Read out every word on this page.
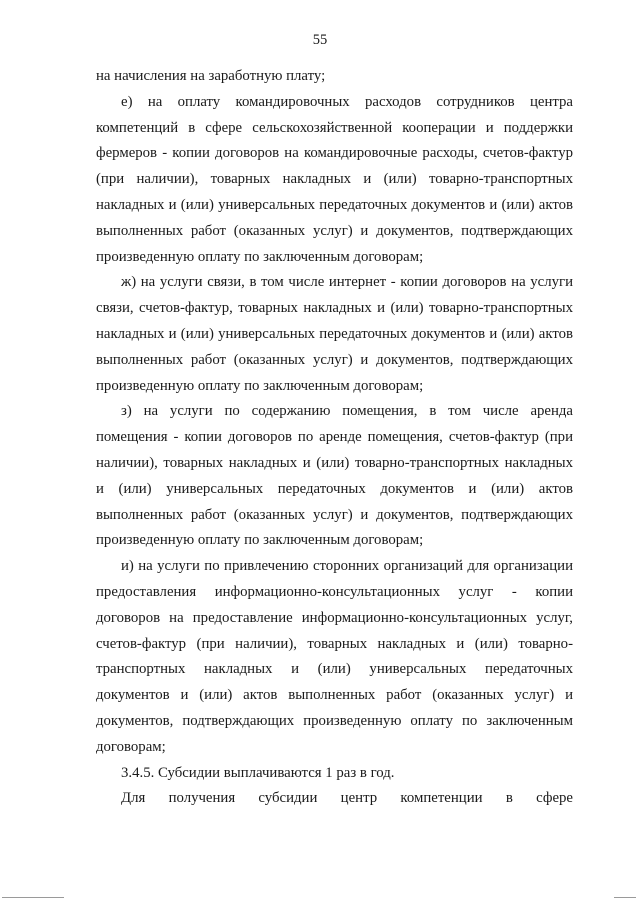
55

на начисления на заработную плату;

е) на оплату командировочных расходов сотрудников центра компетенций в сфере сельскохозяйственной кооперации и поддержки фермеров - копии договоров на командировочные расходы, счетов-фактур (при наличии), товарных накладных и (или) товарно-транспортных накладных и (или) универсальных передаточных документов и (или) актов выполненных работ (оказанных услуг) и документов, подтверждающих произведенную оплату по заключенным договорам;

ж) на услуги связи, в том числе интернет - копии договоров на услуги связи, счетов-фактур, товарных накладных и (или) товарно-транспортных накладных и (или) универсальных передаточных документов и (или) актов выполненных работ (оказанных услуг) и документов, подтверждающих произведенную оплату по заключенным договорам;

з) на услуги по содержанию помещения, в том числе аренда помещения - копии договоров по аренде помещения, счетов-фактур (при наличии), товарных накладных и (или) товарно-транспортных накладных и (или) универсальных передаточных документов и (или) актов выполненных работ (оказанных услуг) и документов, подтверждающих произведенную оплату по заключенным договорам;

и) на услуги по привлечению сторонних организаций для организации предоставления информационно-консультационных услуг - копии договоров на предоставление информационно-консультационных услуг, счетов-фактур (при наличии), товарных накладных и (или) товарно-транспортных накладных и (или) универсальных передаточных документов и (или) актов выполненных работ (оказанных услуг) и документов, подтверждающих произведенную оплату по заключенным договорам;

3.4.5. Субсидии выплачиваются 1 раз в год.

Для получения субсидии центр компетенции в сфере
